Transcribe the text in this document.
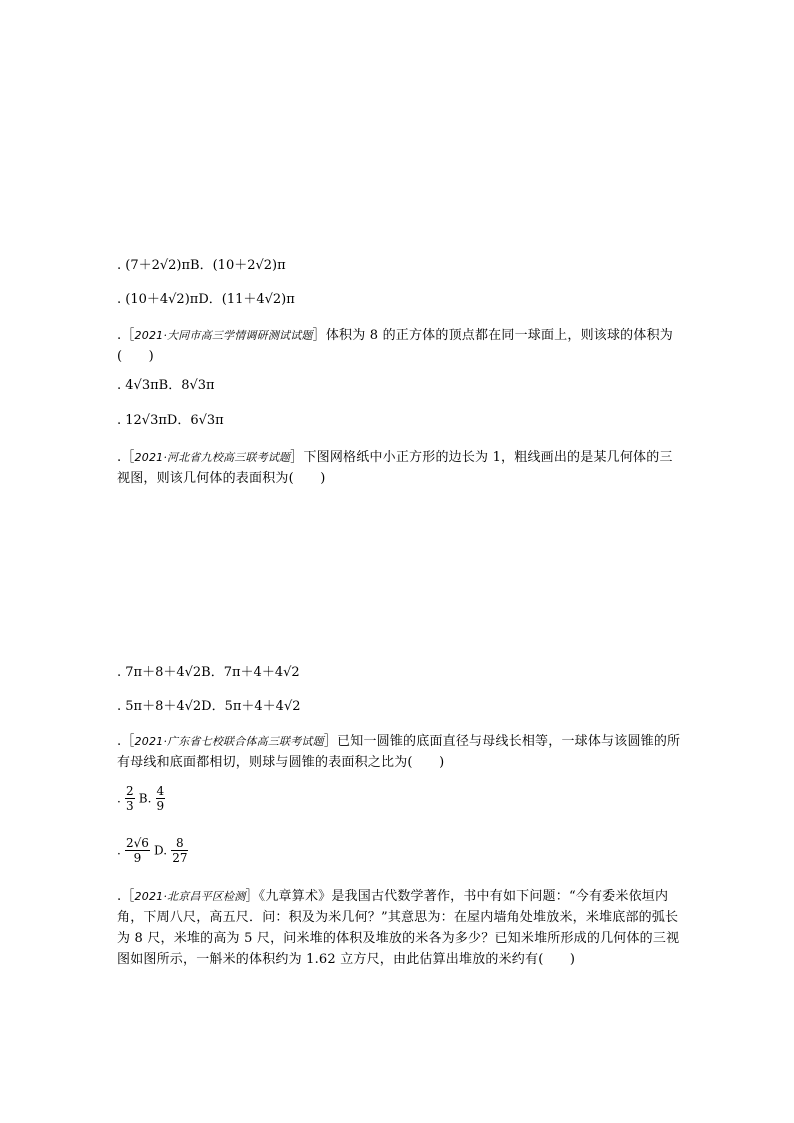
. (7＋2√2)πB．(10＋2√2)π
. (10＋4√2)πD．(11＋4√2)π
.［2021·大同市高三学情调研测试试题］体积为 8 的正方体的顶点都在同一球面上，则该球的体积为(　　)
. 4√3πB．8√3π
. 12√3πD．6√3π
.［2021·河北省九校高三联考试题］下图网格纸中小正方形的边长为 1，粗线画出的是某几何体的三视图，则该几何体的表面积为(　　)
. 7π＋8＋4√2B．7π＋4＋4√2
. 5π＋8＋4√2D．5π＋4＋4√2
.［2021·广东省七校联合体高三联考试题］已知一圆锥的底面直径与母线长相等，一球体与该圆锥的所有母线和底面都相切，则球与圆锥的表面积之比为(　　)
. $\frac{2}{3} B$. $\frac{4}{9}$
. $\frac{2√6}{9} D$. $\frac{8}{27}$
.［2021·北京昌平区检测］《九章算术》是我国古代数学著作，书中有如下问题：“今有委米依垣内角，下周八尺，高五尺．问：积及为米几何？”其意思为：在屋内墙角处堆放米，米堆底部的弧长为 8 尺，米堆的高为 5 尺，问米堆的体积及堆放的米各为多少？已知米堆所形成的几何体的三视图如图所示，一斛米的体积约为 1.62 立方尺，由此估算出堆放的米约有(　　)
